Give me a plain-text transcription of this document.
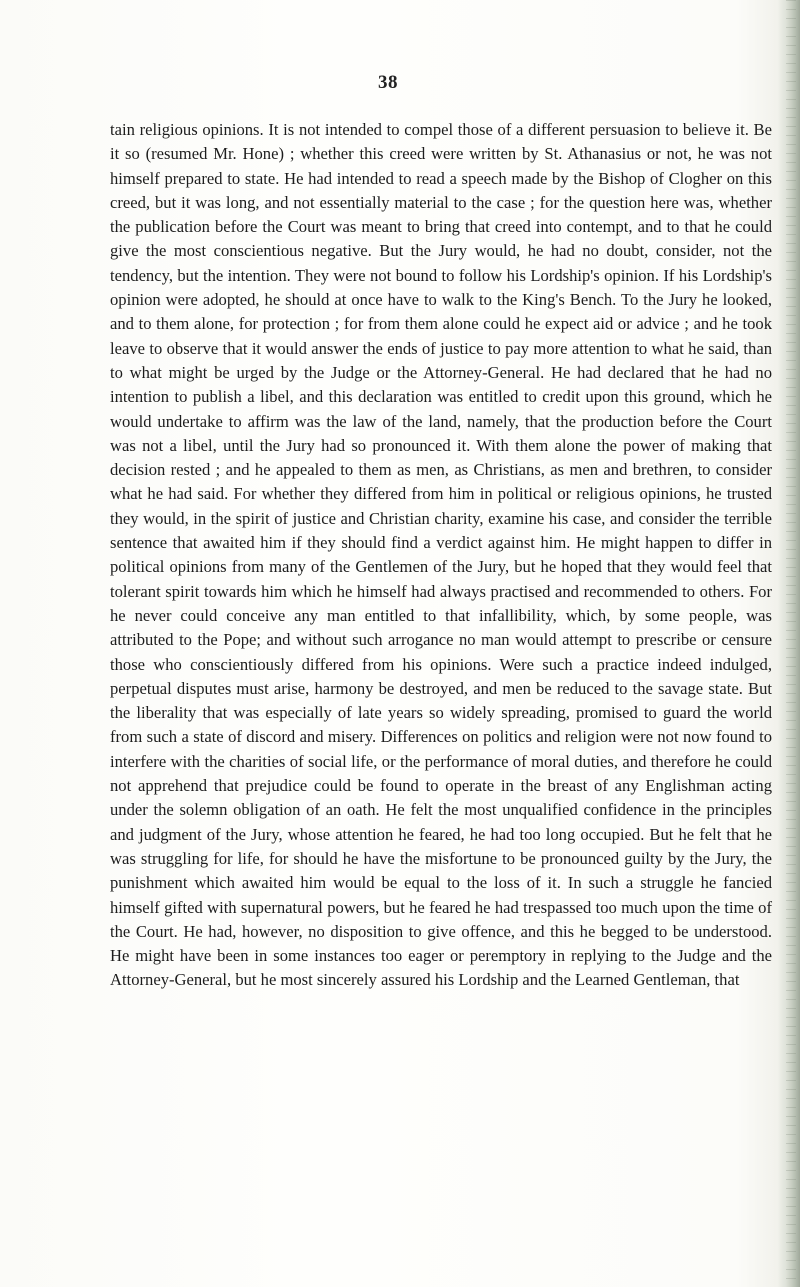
38

tain religious opinions. It is not intended to compel those of a different persuasion to believe it. Be it so (resumed Mr. Hone) ; whether this creed were written by St. Athanasius or not, he was not himself prepared to state. He had intended to read a speech made by the Bishop of Clogher on this creed, but it was long, and not essentially material to the case ; for the question here was, whether the publication before the Court was meant to bring that creed into contempt, and to that he could give the most conscientious negative. But the Jury would, he had no doubt, consider, not the tendency, but the intention. They were not bound to follow his Lordship's opinion. If his Lordship's opinion were adopted, he should at once have to walk to the King's Bench. To the Jury he looked, and to them alone, for protection ; for from them alone could he expect aid or advice ; and he took leave to observe that it would answer the ends of justice to pay more attention to what he said, than to what might be urged by the Judge or the Attorney-General. He had declared that he had no intention to publish a libel, and this declaration was entitled to credit upon this ground, which he would undertake to affirm was the law of the land, namely, that the production before the Court was not a libel, until the Jury had so pronounced it. With them alone the power of making that decision rested ; and he appealed to them as men, as Christians, as men and brethren, to consider what he had said. For whether they differed from him in political or religious opinions, he trusted they would, in the spirit of justice and Christian charity, examine his case, and consider the terrible sentence that awaited him if they should find a verdict against him. He might happen to differ in political opinions from many of the Gentlemen of the Jury, but he hoped that they would feel that tolerant spirit towards him which he himself had always practised and recommended to others. For he never could conceive any man entitled to that infallibility, which, by some people, was attributed to the Pope; and without such arrogance no man would attempt to prescribe or censure those who conscientiously differed from his opinions. Were such a practice indeed indulged, perpetual disputes must arise, harmony be destroyed, and men be reduced to the savage state. But the liberality that was especially of late years so widely spreading, promised to guard the world from such a state of discord and misery. Differences on politics and religion were not now found to interfere with the charities of social life, or the performance of moral duties, and therefore he could not apprehend that prejudice could be found to operate in the breast of any Englishman acting under the solemn obligation of an oath. He felt the most unqualified confidence in the principles and judgment of the Jury, whose attention he feared, he had too long occupied. But he felt that he was struggling for life, for should he have the misfortune to be pronounced guilty by the Jury, the punishment which awaited him would be equal to the loss of it. In such a struggle he fancied himself gifted with supernatural powers, but he feared he had trespassed too much upon the time of the Court. He had, however, no disposition to give offence, and this he begged to be understood. He might have been in some instances too eager or peremptory in replying to the Judge and the Attorney-General, but he most sincerely assured his Lordship and the Learned Gentleman, that
